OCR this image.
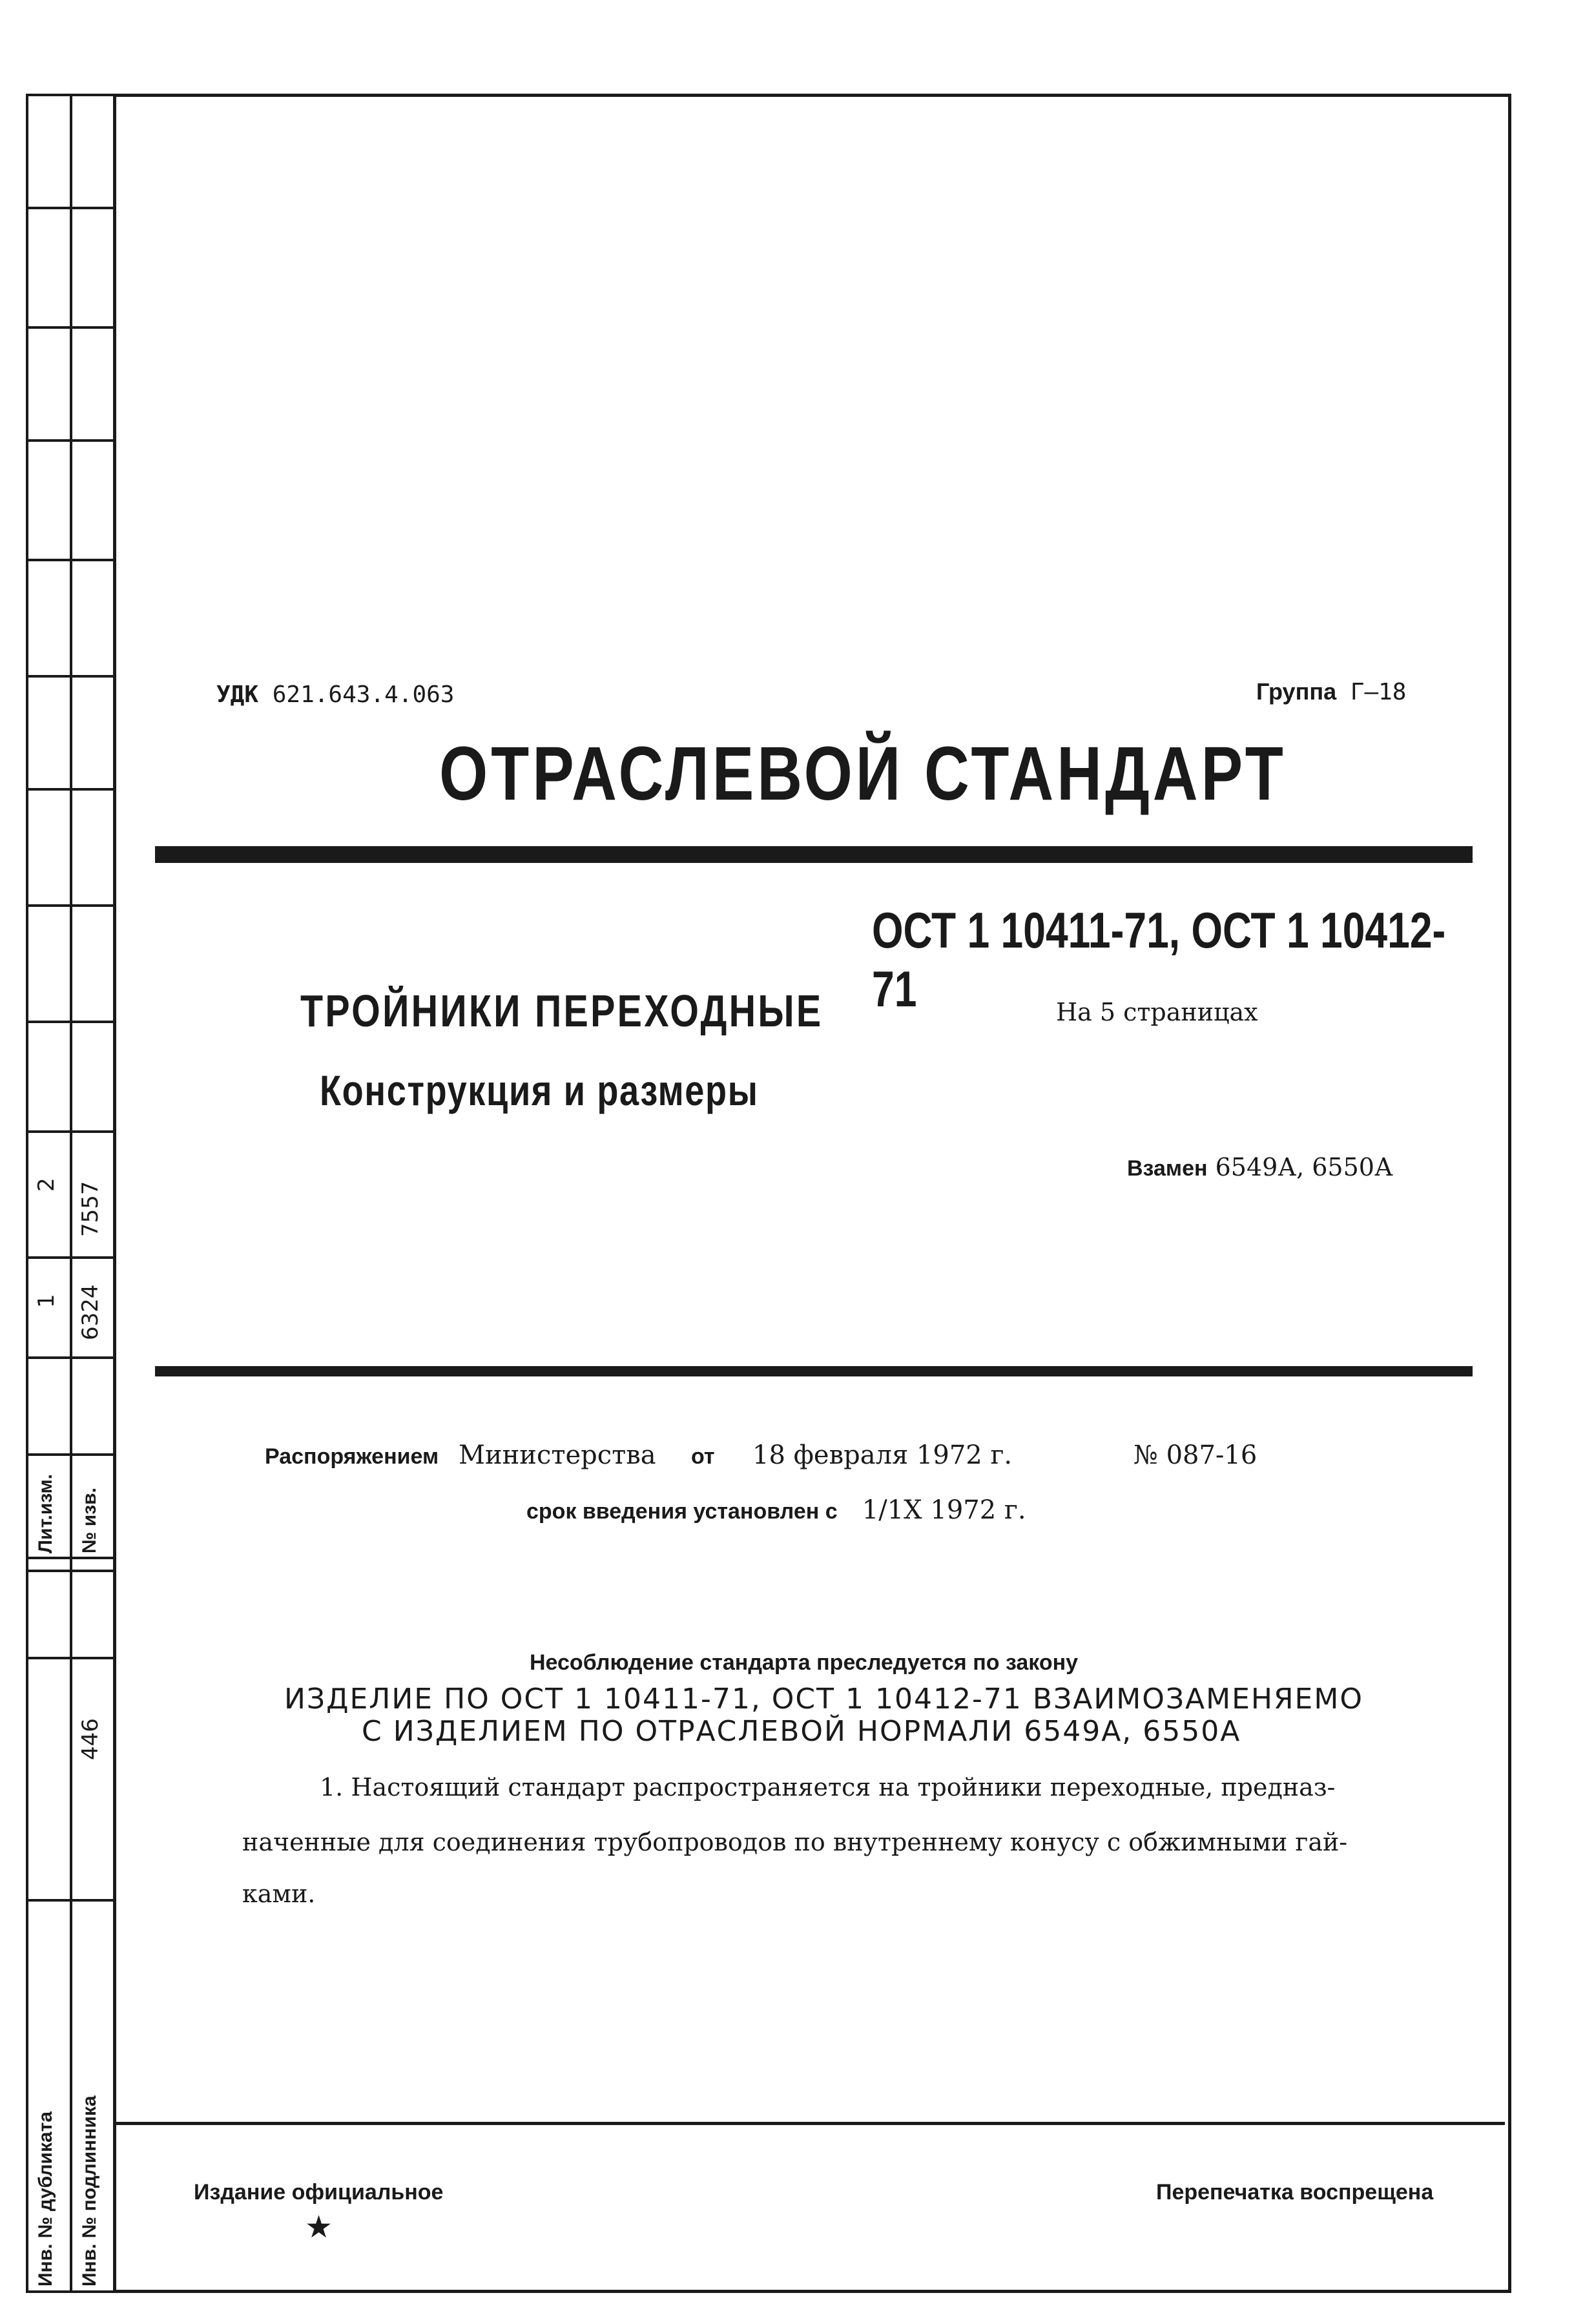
7557
2
6324
1
Лит.изм. № изв.
446
Инв. № дубликата Инв. № подлинника
УДК 621.643.4.063	Группа Г–18
ОТРАСЛЕВОЙ СТАНДАРТ
ОСТ 1 10411-71, ОСТ 1 10412-71
ТРОЙНИКИ ПЕРЕХОДНЫЕ
Конструкция и размеры
На 5 страницах
Взамен 6549А, 6550А
Распоряжением Министерства от 18 февраля 1972 г.	№ 087-16
срок введения установлен с 1/1Х 1972 г.
Несоблюдение стандарта преследуется по закону
ИЗДЕЛИЕ ПО ОСТ 1 10411-71, ОСТ 1 10412-71 ВЗАИМОЗАМЕНЯЕМО
С ИЗДЕЛИЕМ ПО ОТРАСЛЕВОЙ НОРМАЛИ 6549А, 6550А
1. Настоящий стандарт распространяется на тройники переходные, предназ-
наченные для соединения трубопроводов по внутреннему конусу с обжимными гай-
ками.
Издание официальное
★
Перепечатка воспрещена
